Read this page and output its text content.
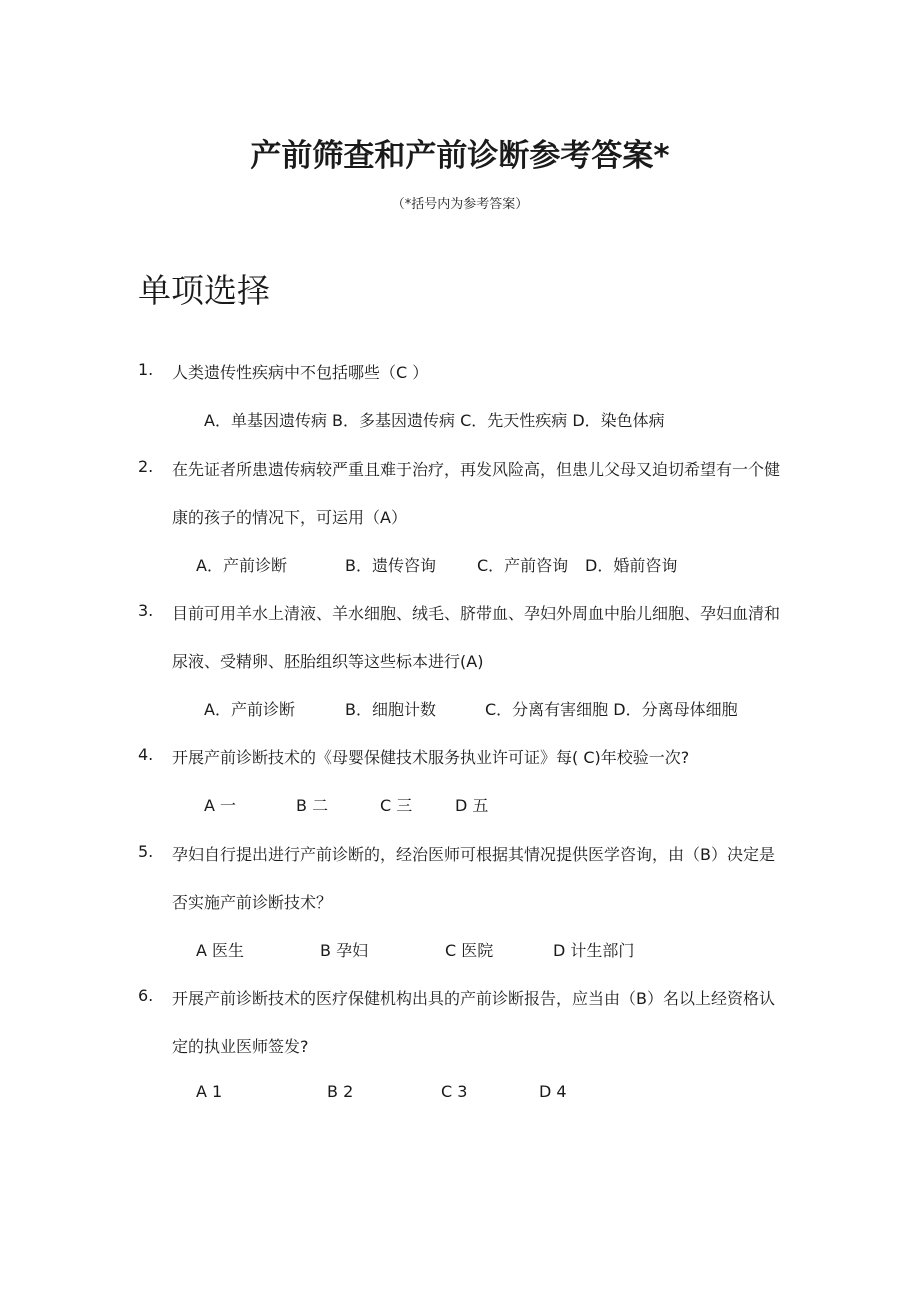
产前筛查和产前诊断参考答案*
（*括号内为参考答案）
单项选择
1. 人类遗传性疾病中不包括哪些（C ）
A．单基因遗传病 B．多基因遗传病 C．先天性疾病 D．染色体病
2. 在先证者所患遗传病较严重且难于治疗，再发风险高，但患儿父母又迫切希望有一个健
康的孩子的情况下，可运用（A）
A．产前诊断	B．遗传咨询	C．产前咨询 D．婚前咨询
3. 目前可用羊水上清液、羊水细胞、绒毛、脐带血、孕妇外周血中胎儿细胞、孕妇血清和
尿液、受精卵、胚胎组织等这些标本进行(A)
A．产前诊断	B．细胞计数	C．分离有害细胞 D．分离母体细胞
4. 开展产前诊断技术的《母婴保健技术服务执业许可证》每( C)年校验一次?
A 一	B 二	C 三	D 五
5. 孕妇自行提出进行产前诊断的，经治医师可根据其情况提供医学咨询，由（B）决定是
否实施产前诊断技术？
A 医生	B 孕妇	C 医院	D 计生部门
6. 开展产前诊断技术的医疗保健机构出具的产前诊断报告，应当由（B）名以上经资格认
定的执业医师签发?
A 1	B 2	C 3	D 4
